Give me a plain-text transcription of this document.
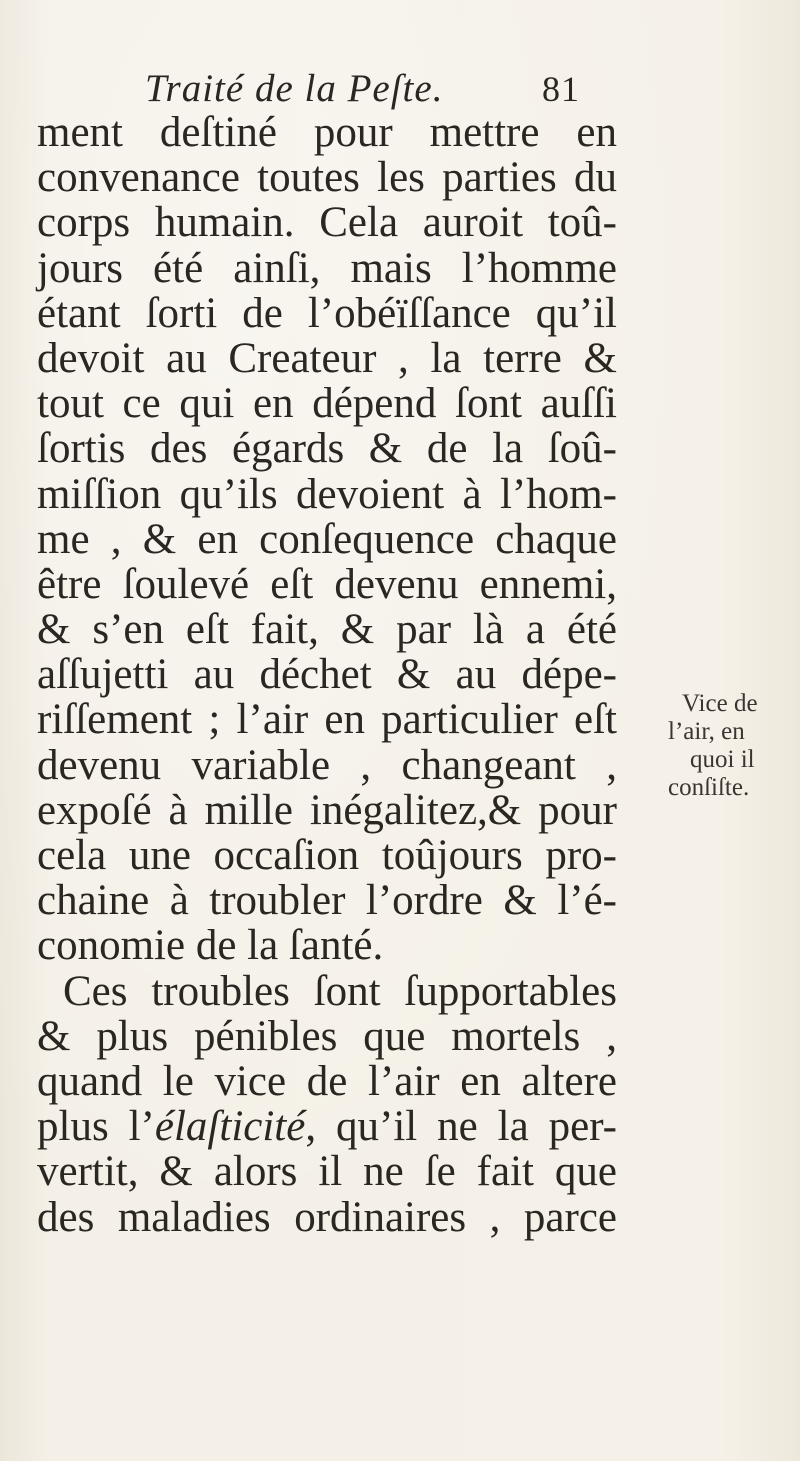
Traité de la Peſte.	81
ment deſtiné pour mettre en
convenance toutes les parties du
corps humain. Cela auroit toû-
jours été ainſi, mais l’homme
étant ſorti de l’obéïſſance qu’il
devoit au Createur , la terre &
tout ce qui en dépend ſont auſſi
ſortis des égards & de la ſoû-
miſſion qu’ils devoient à l’hom-
me , & en conſequence chaque
être ſoulevé eſt devenu ennemi,
& s’en eſt fait, & par là a été
aſſujetti au déchet & au dépe-
riſſement ; l’air en particulier eſt
devenu variable , changeant ,
expoſé à mille inégalitez,& pour
cela une occaſion toûjours pro-
chaine à troubler l’ordre & l’é-
conomie de la ſanté.
Ces troubles ſont ſupportables
& plus pénibles que mortels ,
quand le vice de l’air en altere
plus l’élaſticité, qu’il ne la per-
vertit, & alors il ne ſe fait que
des maladies ordinaires , parce
Vice de
l’air, en
quoi il
conſiſte.
